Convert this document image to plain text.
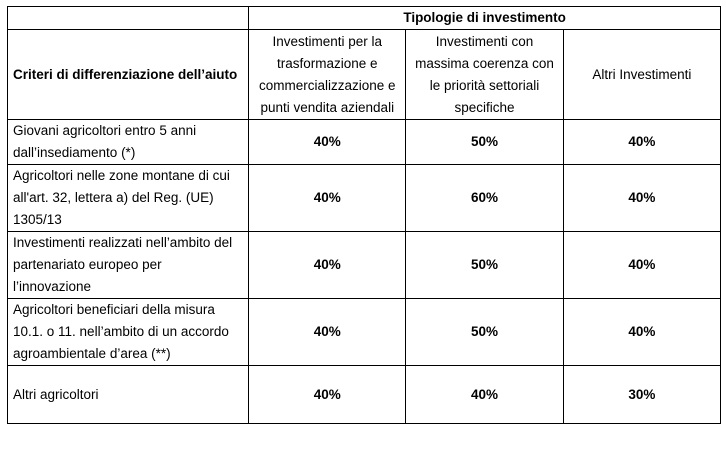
	Tipologie di investimento		
Criteri di differenziazione dell’aiuto	Investimenti per la trasformazione e commercializzazione e punti vendita aziendali	Investimenti con massima coerenza con le priorità settoriali specifiche	Altri Investimenti
Giovani agricoltori entro 5 anni dall’insediamento (*)	40%	50%	40%
Agricoltori nelle zone montane di cui all'art. 32, lettera a) del Reg. (UE) 1305/13	40%	60%	40%
Investimenti realizzati nell’ambito del partenariato europeo per l’innovazione	40%	50%	40%
Agricoltori beneficiari della misura 10.1. o 11. nell’ambito di un accordo agroambientale d’area (**)	40%	50%	40%
Altri agricoltori	40%	40%	30%
